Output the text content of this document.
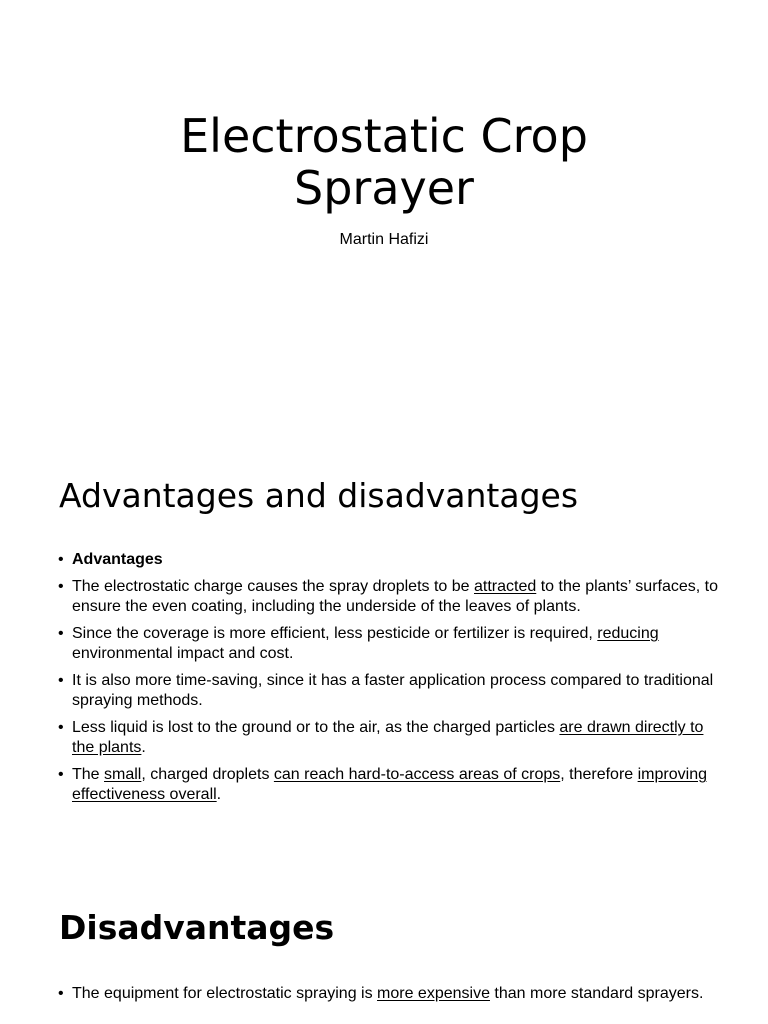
Electrostatic Crop
Sprayer
Martin Hafizi
Advantages and disadvantages
• Advantages
• The electrostatic charge causes the spray droplets to be attracted to the plants’ surfaces, to ensure the even coating, including the underside of the leaves of plants.
• Since the coverage is more efficient, less pesticide or fertilizer is required, reducing environmental impact and cost.
• It is also more time-saving, since it has a faster application process compared to traditional spraying methods.
• Less liquid is lost to the ground or to the air, as the charged particles are drawn directly to the plants.
• The small, charged droplets can reach hard-to-access areas of crops, therefore improving effectiveness overall.
Disadvantages
• The equipment for electrostatic spraying is more expensive than more standard sprayers.
